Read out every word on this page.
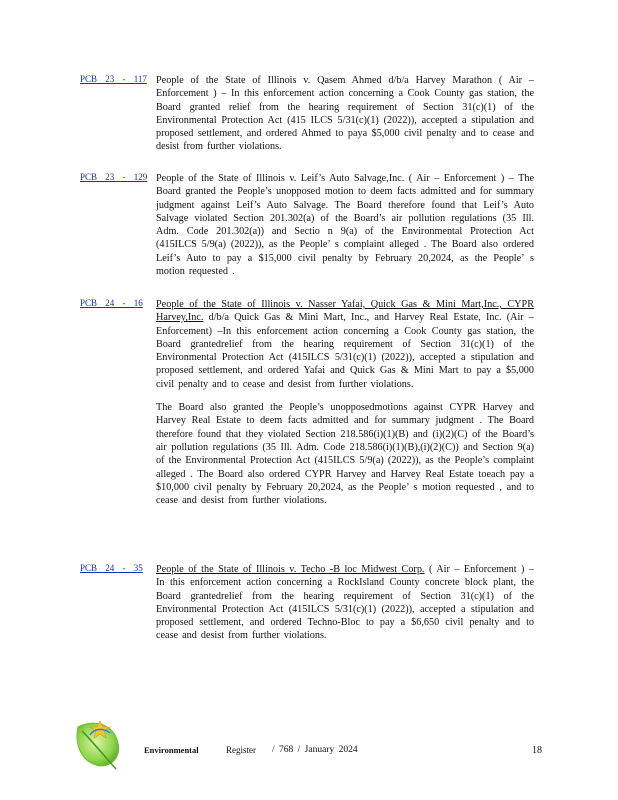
PCB 23 - 117 People of the State of Illinois v. Qasem Ahmed d/b/a Harvey Marathon ( Air – Enforcement ) – In this enforcement action concerning a Cook County gas station, the Board granted relief from the hearing requirement of Section 31(c)(1) of the Environmental Protection Act (415 ILCS 5/31(c)(1) (2022)), accepted a stipulation and proposed settlement, and ordered Ahmed to paya $5,000 civil penalty and to cease and desist from further violations.

PCB 23 - 129 People of the State of Illinois v. Leif’s Auto Salvage,Inc. ( Air – Enforcement ) – The Board granted the People’s unopposed motion to deem facts admitted and for summary judgment against Leif’s Auto Salvage. The Board therefore found that Leif’s Auto Salvage violated Section 201.302(a) of the Board’s air pollution regulations (35 Ill. Adm. Code 201.302(a)) and Sectio n 9(a) of the Environmental Protection Act (415ILCS 5/9(a) (2022)), as the People’ s complaint alleged . The Board also ordered Leif’s Auto to pay a $15,000 civil penalty by February 20,2024, as the People’ s motion requested .

PCB 24 - 16 People of the State of Illinois v. Nasser Yafai, Quick Gas & Mini Mart,Inc., CYPR Harvey,Inc. d/b/a Quick Gas & Mini Mart, Inc., and Harvey Real Estate, Inc. (Air – Enforcement) –In this enforcement action concerning a Cook County gas station, the Board grantedrelief from the hearing requirement of Section 31(c)(1) of the Environmental Protection Act (415ILCS 5/31(c)(1) (2022)), accepted a stipulation and proposed settlement, and ordered Yafai and Quick Gas & Mini Mart to pay a $5,000 civil penalty and to cease and desist from further violations.

The Board also granted the People’s unopposedmotions against CYPR Harvey and Harvey Real Estate to deem facts admitted and for summary judgment . The Board therefore found that they violated Section 218.586(i)(1)(B) and (i)(2)(C) of the Board’s air pollution regulations (35 Ill. Adm. Code 218.586(i)(1)(B),(i)(2)(C)) and Section 9(a) of the Environmental Protection Act (415ILCS 5/9(a) (2022)), as the People’s complaint alleged . The Board also ordered CYPR Harvey and Harvey Real Estate toeach pay a $10,000 civil penalty by February 20,2024, as the People’ s motion requested , and to cease and desist from further violations.

PCB 24 - 35 People of the State of Illinois v. Techo -B loc Midwest Corp. ( Air – Enforcement ) –In this enforcement action concerning a RockIsland County concrete block plant, the Board grantedrelief from the hearing requirement of Section 31(c)(1) of the Environmental Protection Act (415ILCS 5/31(c)(1) (2022)), accepted a stipulation and proposed settlement, and ordered Techno-Bloc to pay a $6,650 civil penalty and to cease and desist from further violations.

Environmental	Register / 768 / January 2024	18
